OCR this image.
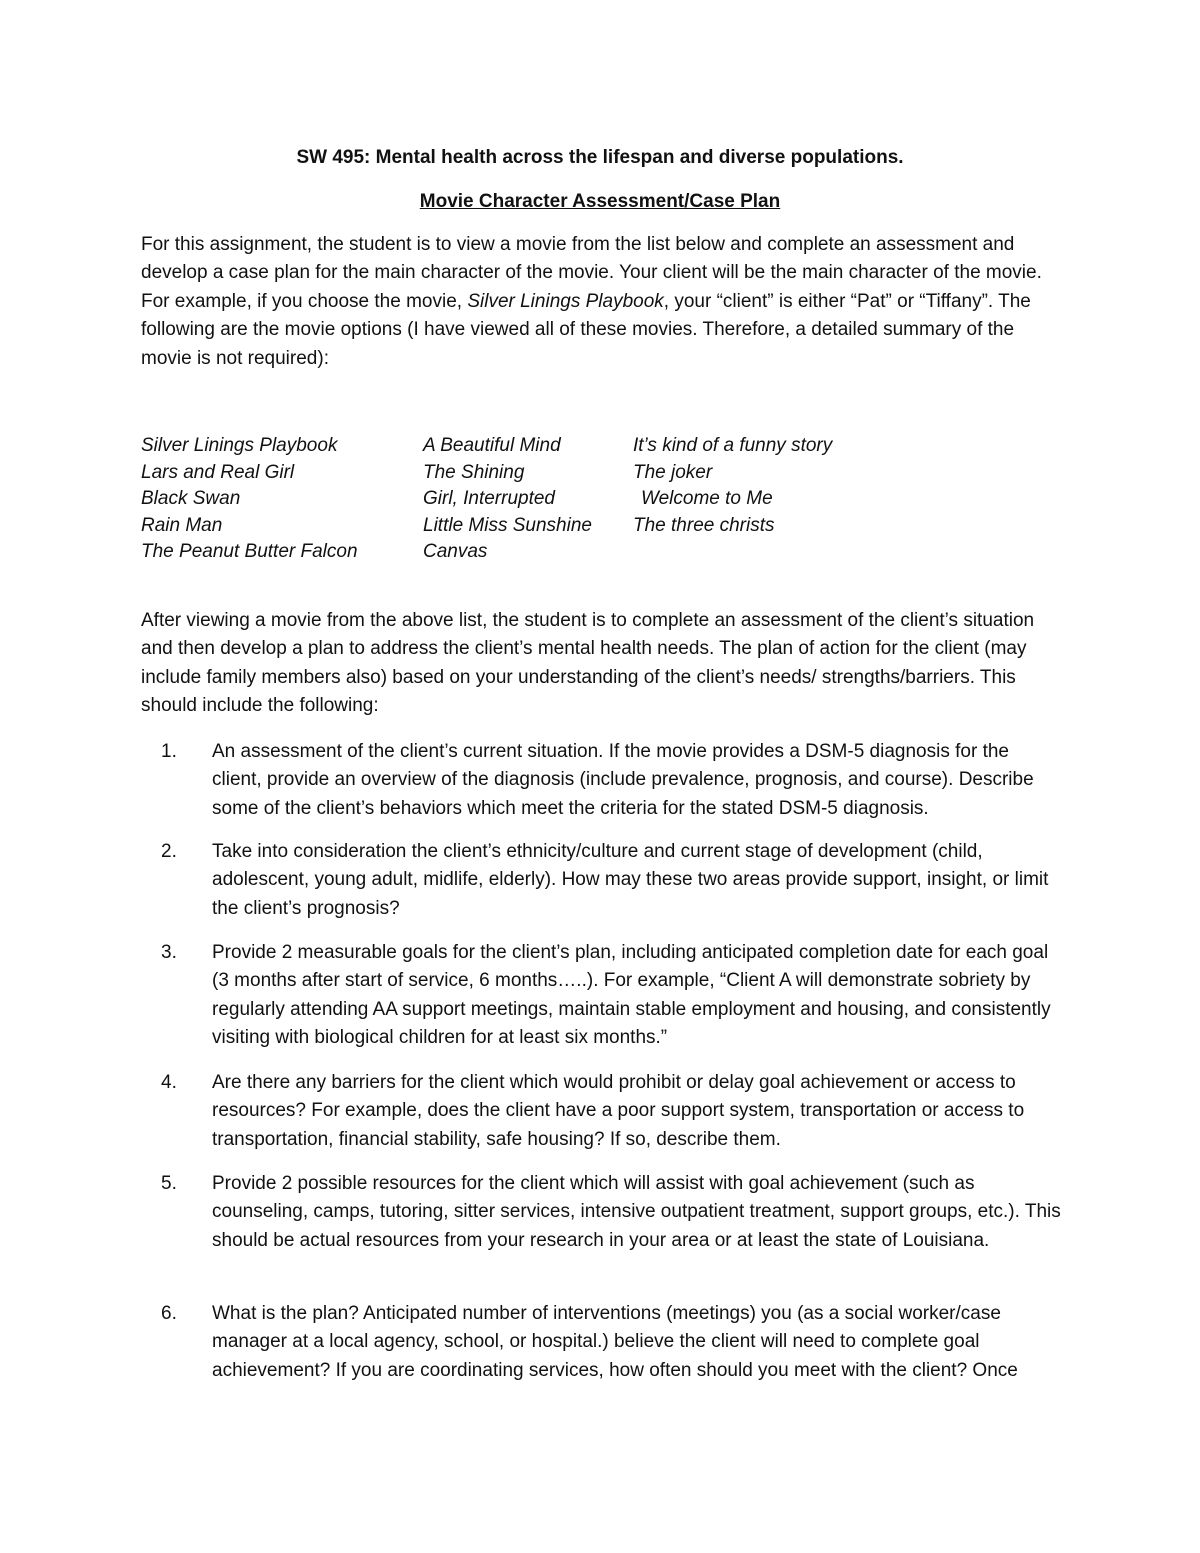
SW 495: Mental health across the lifespan and diverse populations.
Movie Character Assessment/Case Plan

For this assignment, the student is to view a movie from the list below and complete an assessment and develop a case plan for the main character of the movie. Your client will be the main character of the movie. For example, if you choose the movie, Silver Linings Playbook, your “client” is either “Pat” or “Tiffany”. The following are the movie options (I have viewed all of these movies. Therefore, a detailed summary of the movie is not required):

Silver Linings Playbook
Lars and Real Girl
Black Swan
Rain Man
The Peanut Butter Falcon
A Beautiful Mind
The Shining
Girl, Interrupted
Little Miss Sunshine
Canvas
It’s kind of a funny story
The joker
Welcome to Me
The three christs

After viewing a movie from the above list, the student is to complete an assessment of the client’s situation and then develop a plan to address the client’s mental health needs. The plan of action for the client (may include family members also) based on your understanding of the client’s needs/ strengths/barriers. This should include the following:

1. An assessment of the client’s current situation. If the movie provides a DSM-5 diagnosis for the client, provide an overview of the diagnosis (include prevalence, prognosis, and course). Describe some of the client’s behaviors which meet the criteria for the stated DSM-5 diagnosis.
2. Take into consideration the client’s ethnicity/culture and current stage of development (child, adolescent, young adult, midlife, elderly). How may these two areas provide support, insight, or limit the client’s prognosis?
3. Provide 2 measurable goals for the client’s plan, including anticipated completion date for each goal (3 months after start of service, 6 months…..). For example, “Client A will demonstrate sobriety by regularly attending AA support meetings, maintain stable employment and housing, and consistently visiting with biological children for at least six months.”
4. Are there any barriers for the client which would prohibit or delay goal achievement or access to resources? For example, does the client have a poor support system, transportation or access to transportation, financial stability, safe housing? If so, describe them.
5. Provide 2 possible resources for the client which will assist with goal achievement (such as counseling, camps, tutoring, sitter services, intensive outpatient treatment, support groups, etc.). This should be actual resources from your research in your area or at least the state of Louisiana.
6. What is the plan? Anticipated number of interventions (meetings) you (as a social worker/case manager at a local agency, school, or hospital.) believe the client will need to complete goal achievement? If you are coordinating services, how often should you meet with the client? Once
